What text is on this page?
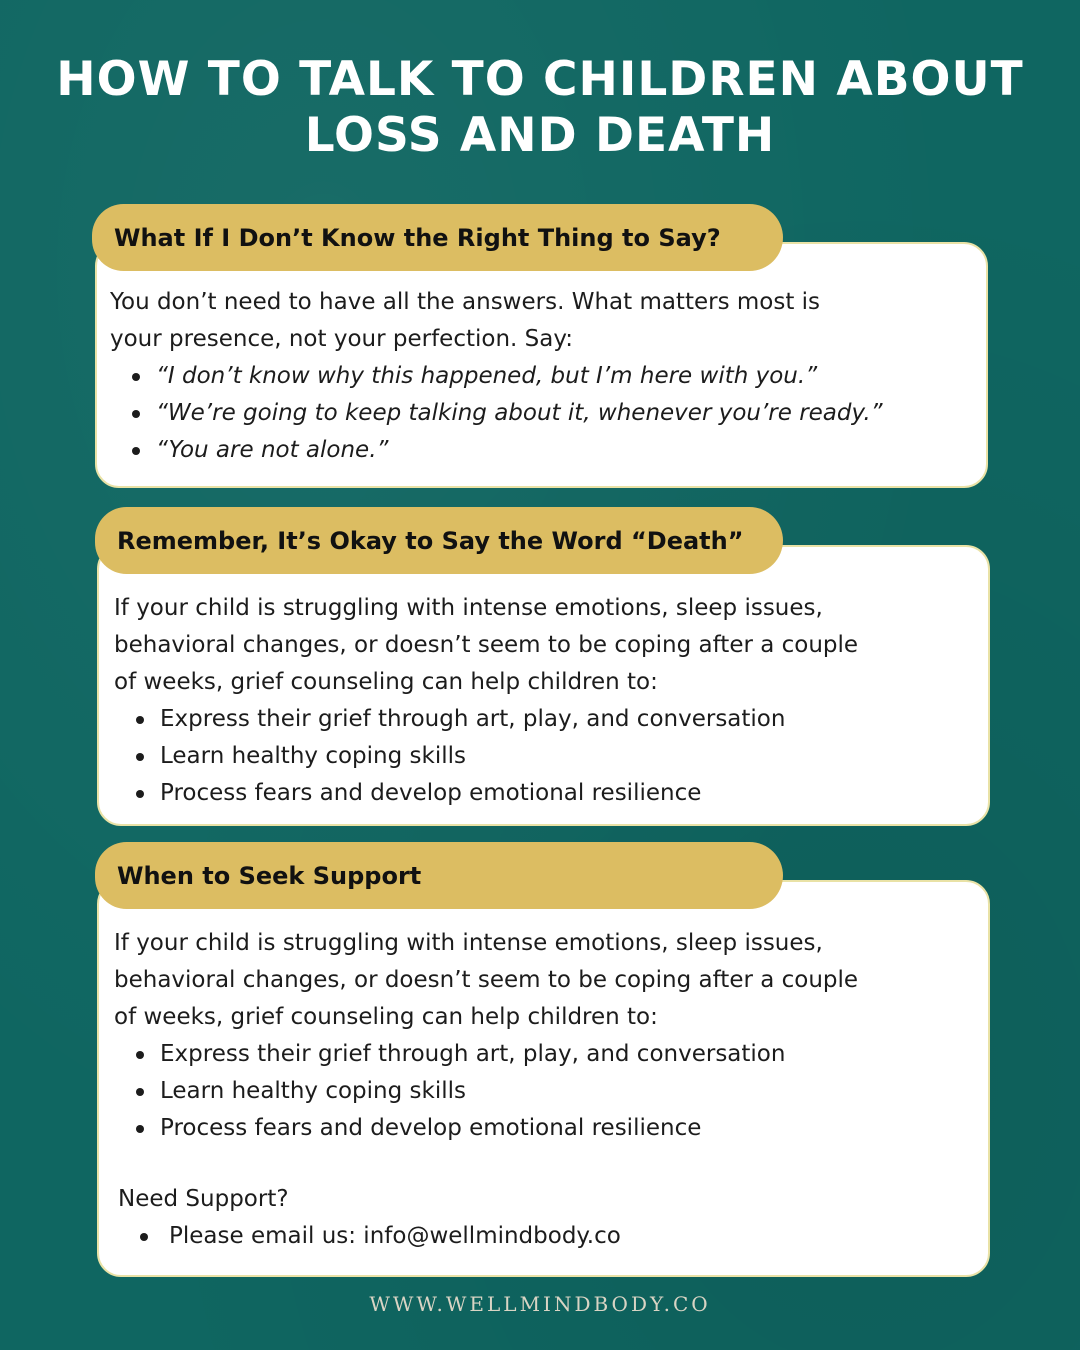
HOW TO TALK TO CHILDREN ABOUT
LOSS AND DEATH
What If I Don’t Know the Right Thing to Say?

You don’t need to have all the answers. What matters most is

your presence, not your perfection. Say:

“I don’t know why this happened, but I’m here with you.”
“We’re going to keep talking about it, whenever you’re ready.”
“You are not alone.”
Remember, It’s Okay to Say the Word “Death”

If your child is struggling with intense emotions, sleep issues,

behavioral changes, or doesn’t seem to be coping after a couple

of weeks, grief counseling can help children to:

Express their grief through art, play, and conversation
Learn healthy coping skills
Process fears and develop emotional resilience
When to Seek Support

If your child is struggling with intense emotions, sleep issues,

behavioral changes, or doesn’t seem to be coping after a couple

of weeks, grief counseling can help children to:

Express their grief through art, play, and conversation
Learn healthy coping skills
Process fears and develop emotional resilience

Need Support?

Please email us: info@wellmindbody.co
WWW.WELLMINDBODY.CO
